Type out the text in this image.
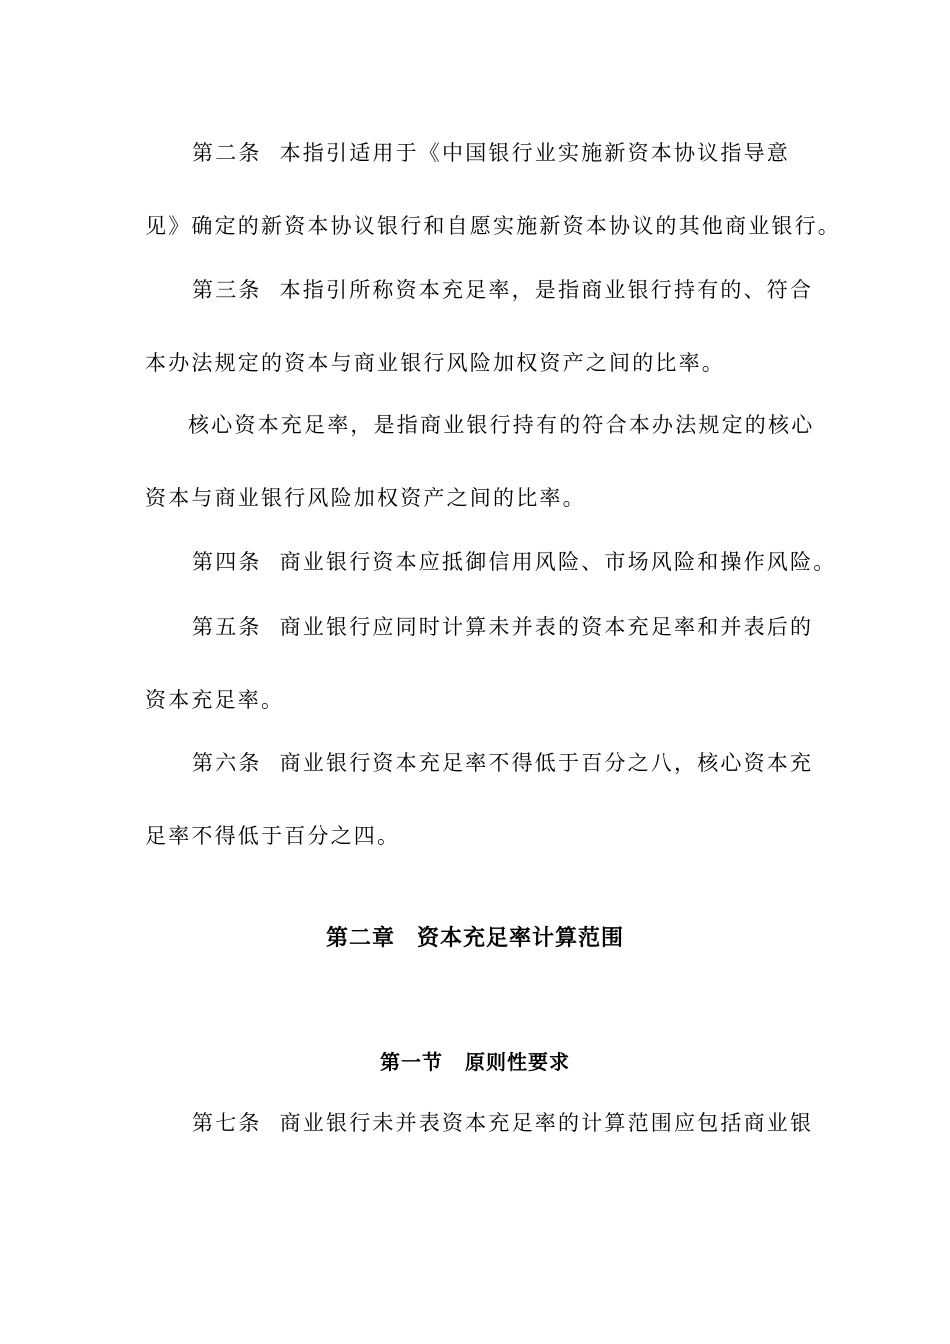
第二条 本指引适用于《中国银行业实施新资本协议指导意
见》确定的新资本协议银行和自愿实施新资本协议的其他商业银行。
第三条 本指引所称资本充足率，是指商业银行持有的、符合
本办法规定的资本与商业银行风险加权资产之间的比率。
核心资本充足率，是指商业银行持有的符合本办法规定的核心
资本与商业银行风险加权资产之间的比率。
第四条 商业银行资本应抵御信用风险、市场风险和操作风险。
第五条 商业银行应同时计算未并表的资本充足率和并表后的
资本充足率。
第六条 商业银行资本充足率不得低于百分之八，核心资本充
足率不得低于百分之四。
第二章 资本充足率计算范围
第一节 原则性要求
第七条 商业银行未并表资本充足率的计算范围应包括商业银
